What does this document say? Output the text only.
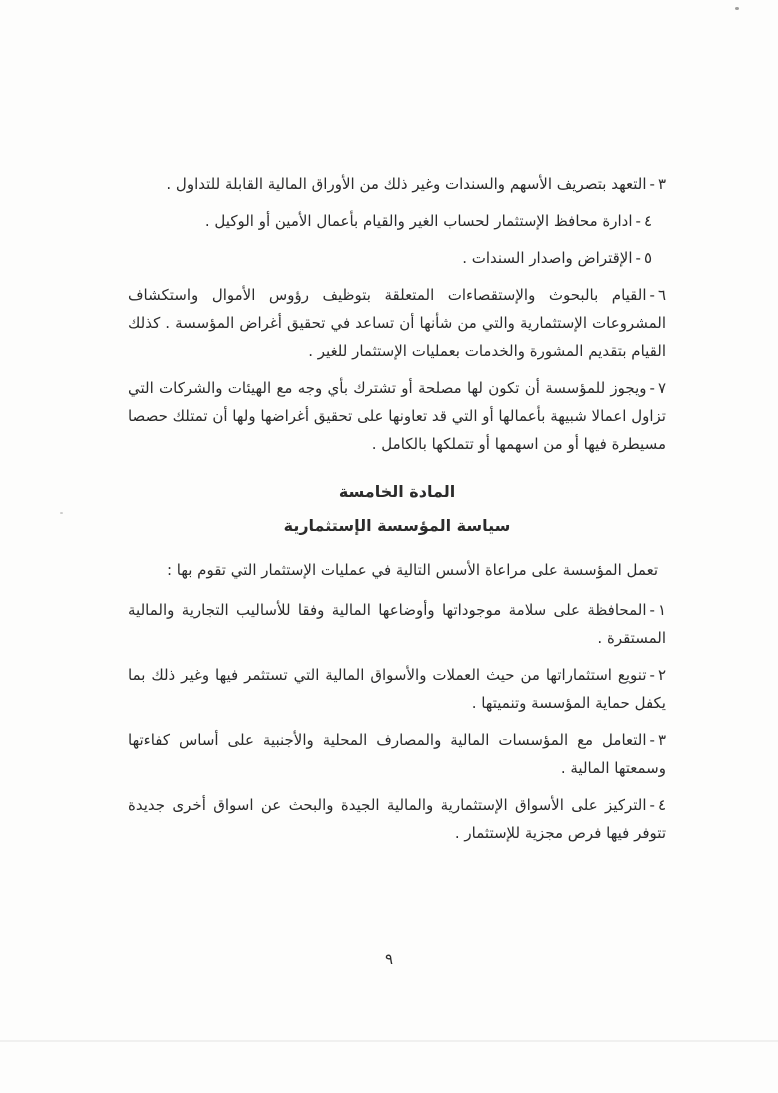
٣-التعهد بتصريف الأسهم والسندات وغير ذلك من الأوراق المالية القابلة للتداول .
٤-ادارة محافظ الإستثمار لحساب الغير والقيام بأعمال الأمين أو الوكيل .
٥-الإقتراض واصدار السندات .
٦-القيام بالبحوث والإستقصاءات المتعلقة بتوظيف رؤوس الأموال واستكشاف المشروعات الإستثمارية والتي من شأنها أن تساعد في تحقيق أغراض المؤسسة . كذلك القيام بتقديم المشورة والخدمات بعمليات الإستثمار للغير .
٧-ويجوز للمؤسسة أن تكون لها مصلحة أو تشترك بأي وجه مع الهيئات والشركات التي تزاول اعمالا شبيهة بأعمالها أو التي قد تعاونها على تحقيق أغراضها ولها أن تمتلك حصصا مسيطرة فيها أو من اسهمها أو تتملكها بالكامل .
المادة الخامسة
سياسة المؤسسة الإستثمارية

تعمل المؤسسة على مراعاة الأسس التالية في عمليات الإستثمار التي تقوم بها :

١-المحافظة على سلامة موجوداتها وأوضاعها المالية وفقا للأساليب التجارية والمالية المستقرة .
٢-تنويع استثماراتها من حيث العملات والأسواق المالية التي تستثمر فيها وغير ذلك بما يكفل حماية المؤسسة وتنميتها .
٣-التعامل مع المؤسسات المالية والمصارف المحلية والأجنبية على أساس كفاءتها وسمعتها المالية .
٤-التركيز على الأسواق الإستثمارية والمالية الجيدة والبحث عن اسواق أخرى جديدة تتوفر فيها فرص مجزية للإستثمار .
٩
